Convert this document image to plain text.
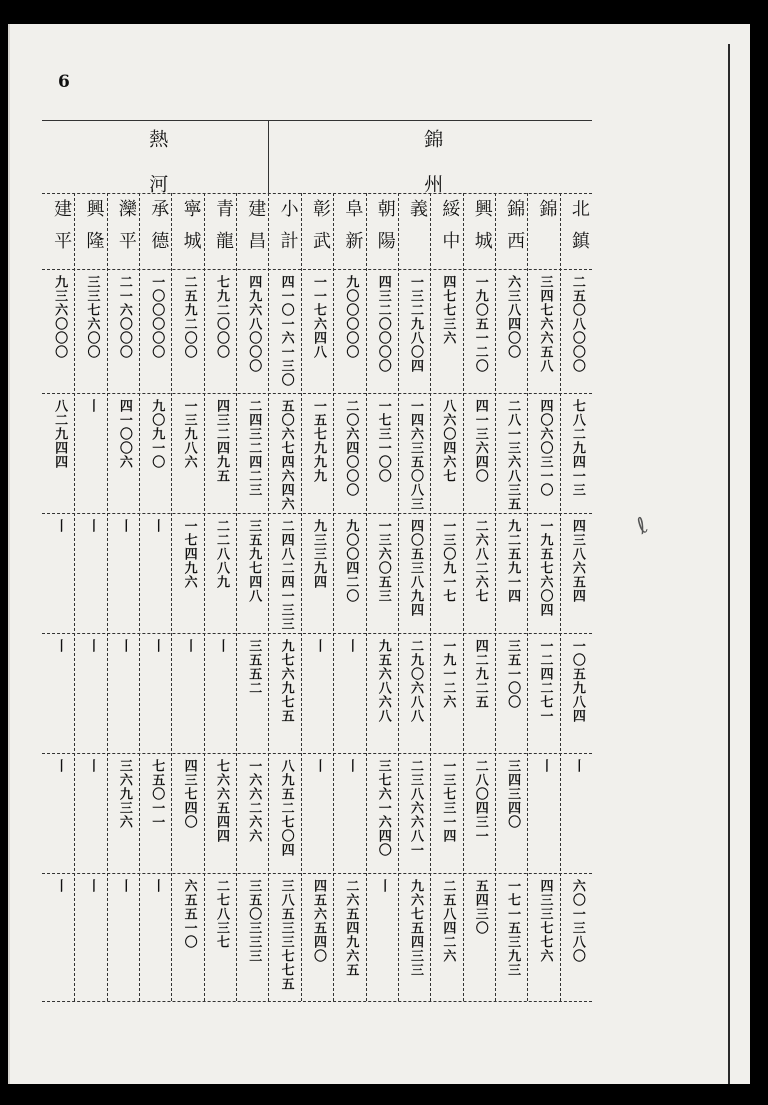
6
錦州
熱河
北鎮
二五〇八〇〇〇
七八二九四一三
四三八六五四
一〇五九八四
丨
六〇一三八〇
錦
三四七六六五八
四〇六〇三一〇
一九五七六〇四
一二四二七一
丨
四三三七七六
錦西
六三八四〇〇
二八一三六八三五
九二五九一四
三五一〇〇
三四三四〇
一七一五三九三
興城
一九〇五一二〇
四一三六四〇
二六八二六七
四二九二五
二八〇四三一
五四三〇
綏中
四七七三六
八六〇四六七
一三〇九一七
一九一二六
一三七三一四
二五八四二六
義
一三二九八〇四
一四六三五〇八三
四〇五三八九四
二九〇六八八
二三八六六八一
九六七五四三三
朝陽
四三二〇〇〇〇
一七三一〇〇
一三六〇五三
九五六八六八
三七六一六四〇
丨
阜新
九〇〇〇〇〇
二〇六四〇〇〇
九〇〇四二〇
丨
丨
二六五四九六五
彰武
一一七六四八
一五七九九九
九三三九四
丨
丨
四五六五四〇
小計
四一〇一六一三〇
五〇六七四六四六
二四八二四一三三
九七六九七五
八九五二七〇四
三八五三三七七五
建昌
四九六八〇〇〇
二四三二四二三
三五九七四八
三五五二
一六六二六六
三五〇三三三
青龍
七九二〇〇〇
四三二四九五
二二八八九
丨
七六六五四四
二七八三七
寧城
二五九二〇〇
一三九八六
一七四九六
丨
四三七四〇
六五五一〇
承德
一〇〇〇〇〇
九〇九一〇
丨
丨
七五〇一一
丨
灤平
二一六〇〇〇
四一〇〇六
丨
丨
三六九三六
丨
興隆
三三七六〇〇
丨
丨
丨
丨
丨
建平
九三六〇〇〇
八二九四四
丨
丨
丨
丨
ℓ
